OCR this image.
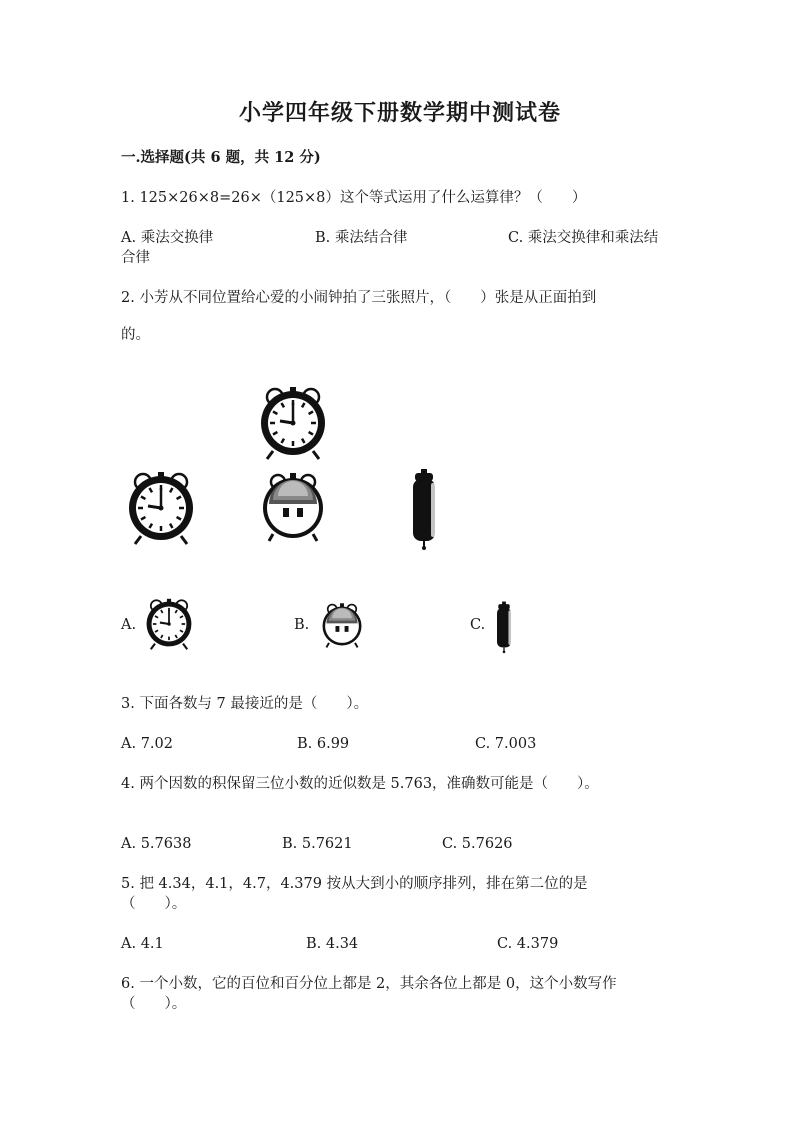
小学四年级下册数学期中测试卷
一.选择题(共 6 题，共 12 分)
1. 125×26×8=26×（125×8）这个等式运用了什么运算律？（　　）
A. 乘法交换律	B. 乘法结合律	C. 乘法交换律和乘法结
合律
2. 小芳从不同位置给心爱的小闹钟拍了三张照片，（　　）张是从正面拍到
的。
A.	B.	C.
3. 下面各数与 7 最接近的是（　　）。
A. 7.02	B. 6.99	C. 7.003
4. 两个因数的积保留三位小数的近似数是 5.763，准确数可能是（　　）。
A. 5.7638	B. 5.7621	C. 5.7626
5. 把 4.34，4.1，4.7，4.379 按从大到小的顺序排列，排在第二位的是
（　　）。
A. 4.1	B. 4.34	C. 4.379
6. 一个小数，它的百位和百分位上都是 2，其余各位上都是 0，这个小数写作
（　　）。
